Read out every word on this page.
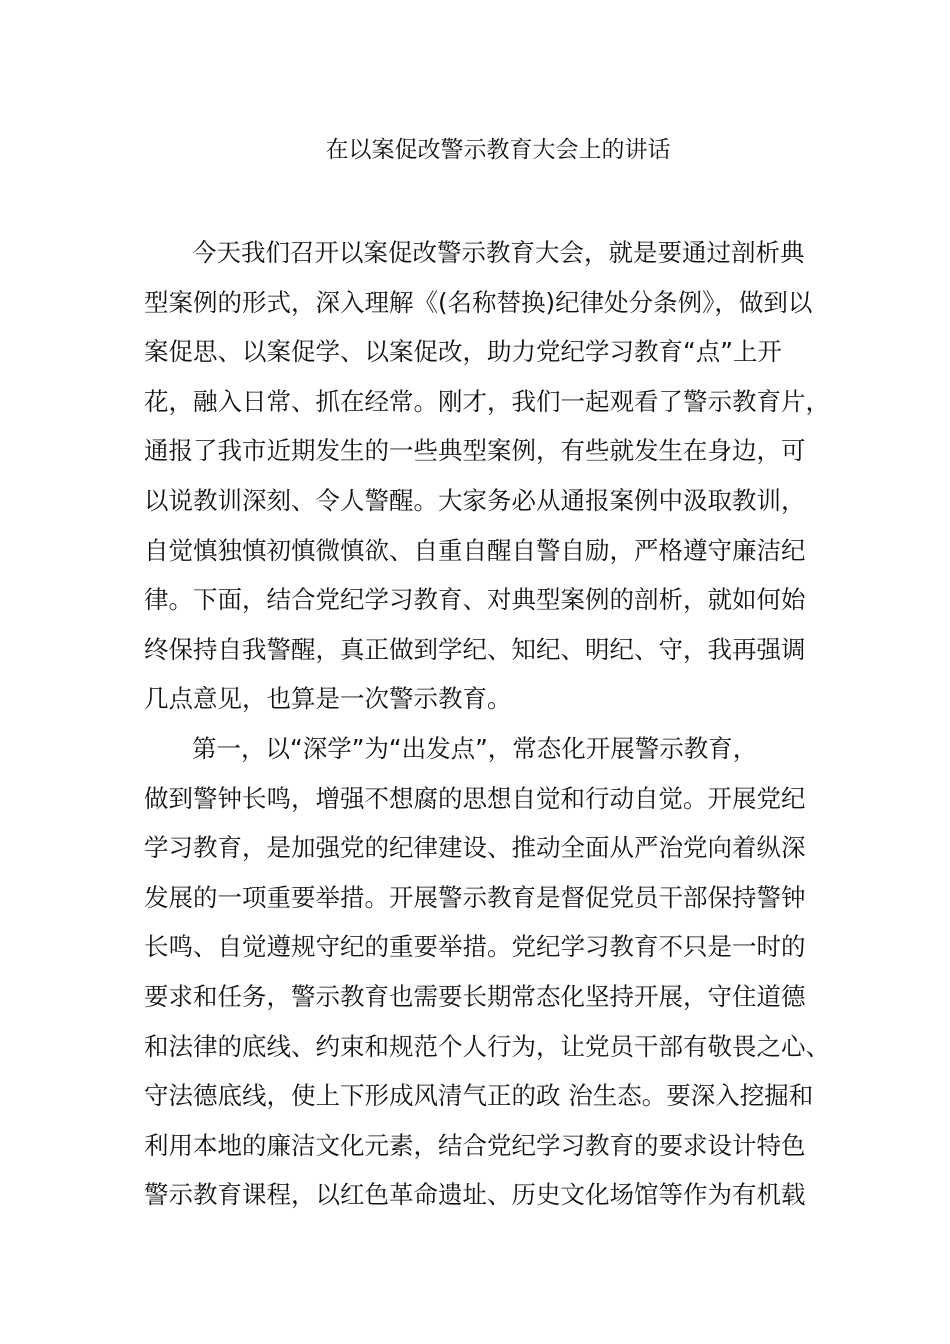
在以案促改警示教育大会上的讲话
今天我们召开以案促改警示教育大会，就是要通过剖析典
型案例的形式，深入理解《(名称替换)纪律处分条例》，做到以
案促思、以案促学、以案促改，助力党纪学习教育“点”上开
花，融入日常、抓在经常。刚才，我们一起观看了警示教育片，
通报了我市近期发生的一些典型案例，有些就发生在身边，可
以说教训深刻、令人警醒。大家务必从通报案例中汲取教训，
自觉慎独慎初慎微慎欲、自重自醒自警自励，严格遵守廉洁纪
律。下面，结合党纪学习教育、对典型案例的剖析，就如何始
终保持自我警醒，真正做到学纪、知纪、明纪、守，我再强调
几点意见，也算是一次警示教育。
第一，以“深学”为“出发点”，常态化开展警示教育，
做到警钟长鸣，增强不想腐的思想自觉和行动自觉。开展党纪
学习教育，是加强党的纪律建设、推动全面从严治党向着纵深
发展的一项重要举措。开展警示教育是督促党员干部保持警钟
长鸣、自觉遵规守纪的重要举措。党纪学习教育不只是一时的
要求和任务，警示教育也需要长期常态化坚持开展，守住道德
和法律的底线、约束和规范个人行为，让党员干部有敬畏之心、
守法德底线，使上下形成风清气正的政 治生态。要深入挖掘和
利用本地的廉洁文化元素，结合党纪学习教育的要求设计特色
警示教育课程，以红色革命遗址、历史文化场馆等作为有机载
